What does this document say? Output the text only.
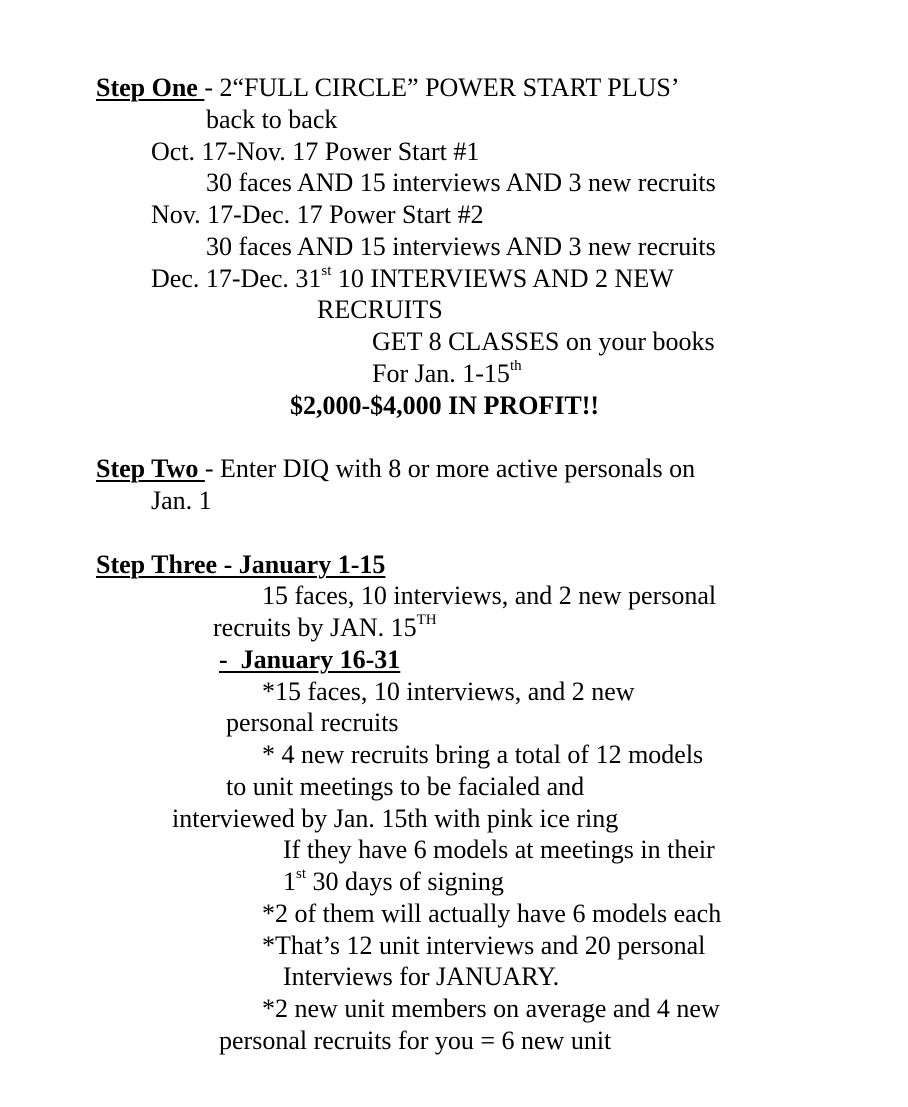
Step One - 2“FULL CIRCLE” POWER START PLUS’
back to back
Oct. 17-Nov. 17 Power Start #1
30 faces AND 15 interviews AND 3 new recruits
Nov. 17-Dec. 17 Power Start #2
30 faces AND 15 interviews AND 3 new recruits
Dec. 17-Dec. 31st 10 INTERVIEWS AND 2 NEW
RECRUITS
GET 8 CLASSES on your books
For Jan. 1-15th
$2,000-$4,000 IN PROFIT!!
Step Two - Enter DIQ with 8 or more active personals on
Jan. 1
Step Three - January 1-15
15 faces, 10 interviews, and 2 new personal
recruits by JAN. 15TH
-  January 16-31
*15 faces, 10 interviews, and 2 new
personal recruits
* 4 new recruits bring a total of 12 models
to unit meetings to be facialed and
interviewed by Jan. 15th with pink ice ring
If they have 6 models at meetings in their
1st 30 days of signing
*2 of them will actually have 6 models each
*That’s 12 unit interviews and 20 personal
Interviews for JANUARY.
*2 new unit members on average and 4 new
personal recruits for you = 6 new unit
